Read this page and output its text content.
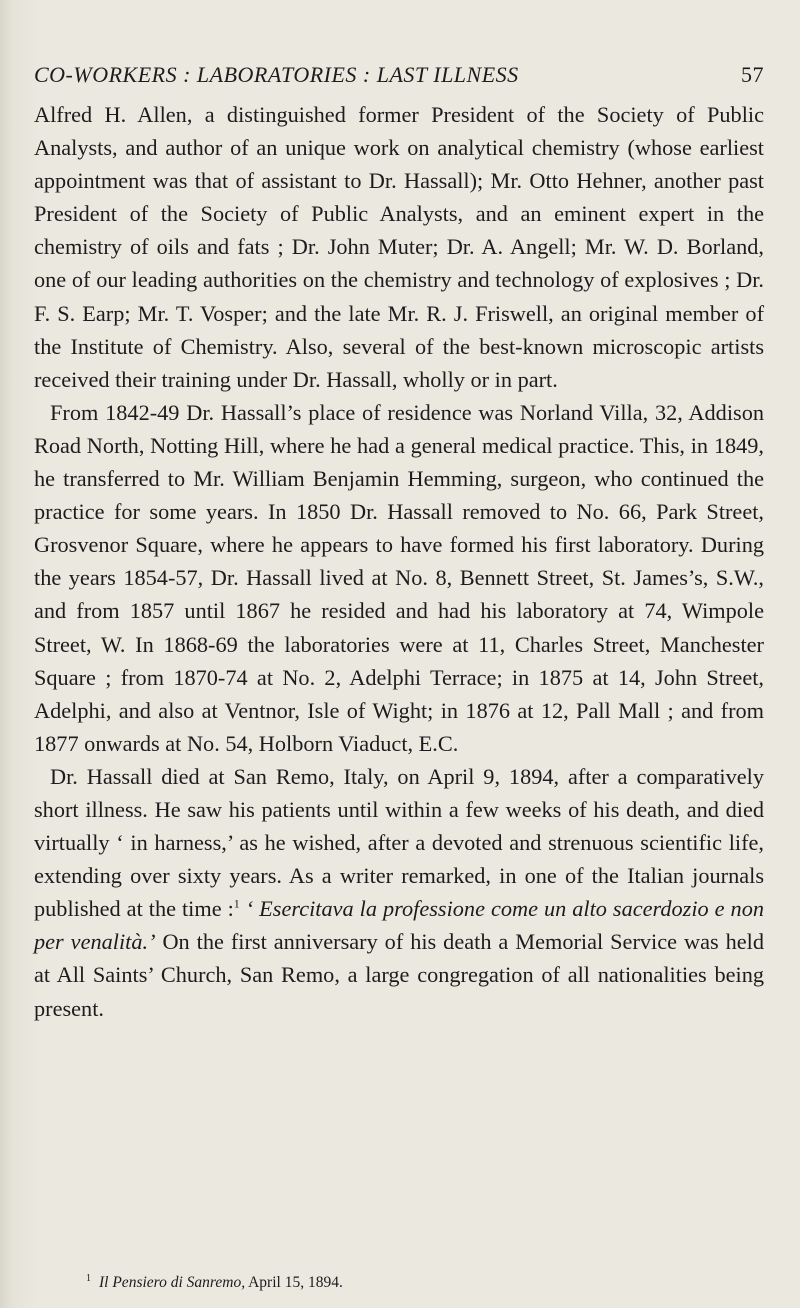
CO-WORKERS : LABORATORIES : LAST ILLNESS	57

Alfred H. Allen, a distinguished former President of the Society of Public Analysts, and author of an unique work on analytical chemistry (whose earliest appointment was that of assistant to Dr. Hassall); Mr. Otto Hehner, another past President of the Society of Public Analysts, and an eminent expert in the chemistry of oils and fats ; Dr. John Muter; Dr. A. Angell; Mr. W. D. Borland, one of our leading authorities on the chemistry and technology of explosives ; Dr. F. S. Earp; Mr. T. Vosper; and the late Mr. R. J. Friswell, an original member of the Institute of Chemistry. Also, several of the best-known microscopic artists received their training under Dr. Hassall, wholly or in part.

From 1842-49 Dr. Hassall’s place of residence was Norland Villa, 32, Addison Road North, Notting Hill, where he had a general medical practice. This, in 1849, he transferred to Mr. William Benjamin Hemming, surgeon, who continued the practice for some years. In 1850 Dr. Hassall removed to No. 66, Park Street, Grosvenor Square, where he appears to have formed his first laboratory. During the years 1854-57, Dr. Hassall lived at No. 8, Bennett Street, St. James’s, S.W., and from 1857 until 1867 he resided and had his laboratory at 74, Wimpole Street, W. In 1868-69 the laboratories were at 11, Charles Street, Manchester Square ; from 1870-74 at No. 2, Adelphi Terrace; in 1875 at 14, John Street, Adelphi, and also at Ventnor, Isle of Wight; in 1876 at 12, Pall Mall ; and from 1877 onwards at No. 54, Holborn Viaduct, E.C.

Dr. Hassall died at San Remo, Italy, on April 9, 1894, after a comparatively short illness. He saw his patients until within a few weeks of his death, and died virtually ‘ in harness,’ as he wished, after a devoted and strenuous scientific life, extending over sixty years. As a writer remarked, in one of the Italian journals published at the time :$^1$ ‘ Esercitava la professione come un alto sacerdozio e non per venalità.’ On the first anniversary of his death a Memorial Service was held at All Saints’ Church, San Remo, a large congregation of all nationalities being present.

$^1$ Il Pensiero di Sanremo, April 15, 1894.
